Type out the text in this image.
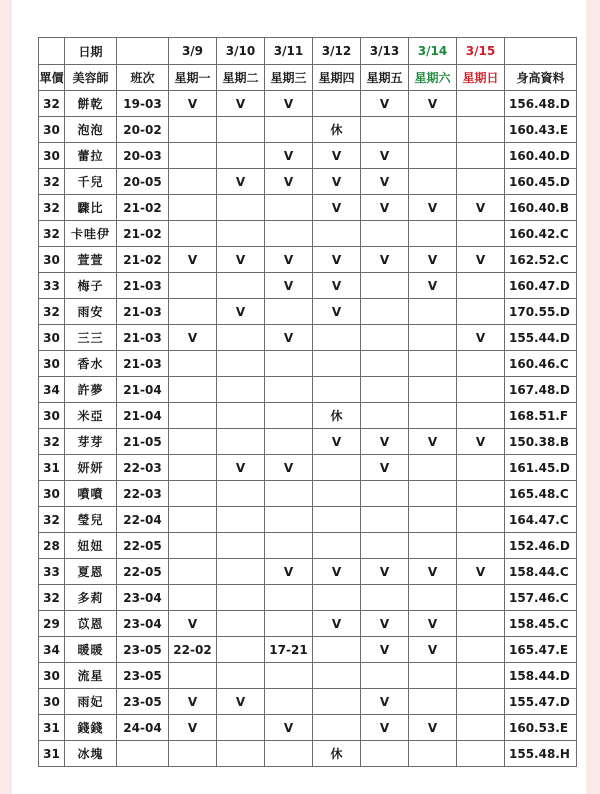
	日期		3/9	3/10	3/11	3/12	3/13	3/14	3/15	
單價	美容師	班次	星期一	星期二	星期三	星期四	星期五	星期六	星期日	身高資料
32	餅乾	19-03	V	V	V		V	V		156.48.D
30	泡泡	20-02				休				160.43.E
30	蕾拉	20-03			V	V	V			160.40.D
32	千兒	20-05		V	V	V	V			160.45.D
32	驟比	21-02				V	V	V	V	160.40.B
32	卡哇伊	21-02								160.42.C
30	萱萱	21-02	V	V	V	V	V	V	V	162.52.C
33	梅子	21-03			V	V		V		160.47.D
32	雨安	21-03		V		V				170.55.D
30	三三	21-03	V		V				V	155.44.D
30	香水	21-03								160.46.C
34	許夢	21-04								167.48.D
30	米亞	21-04				休				168.51.F
32	芽芽	21-05				V	V	V	V	150.38.B
31	妍妍	22-03		V	V		V			161.45.D
30	噴噴	22-03								165.48.C
32	瑩兒	22-04								164.47.C
28	妞妞	22-05								152.46.D
33	夏恩	22-05			V	V	V	V	V	158.44.C
32	多莉	23-04								157.46.C
29	苡恩	23-04	V			V	V	V		158.45.C
34	暖暖	23-05	22-02		17-21		V	V		165.47.E
30	流星	23-05								158.44.D
30	雨妃	23-05	V	V			V			155.47.D
31	錢錢	24-04	V		V		V	V		160.53.E
31	冰塊					休				155.48.H
